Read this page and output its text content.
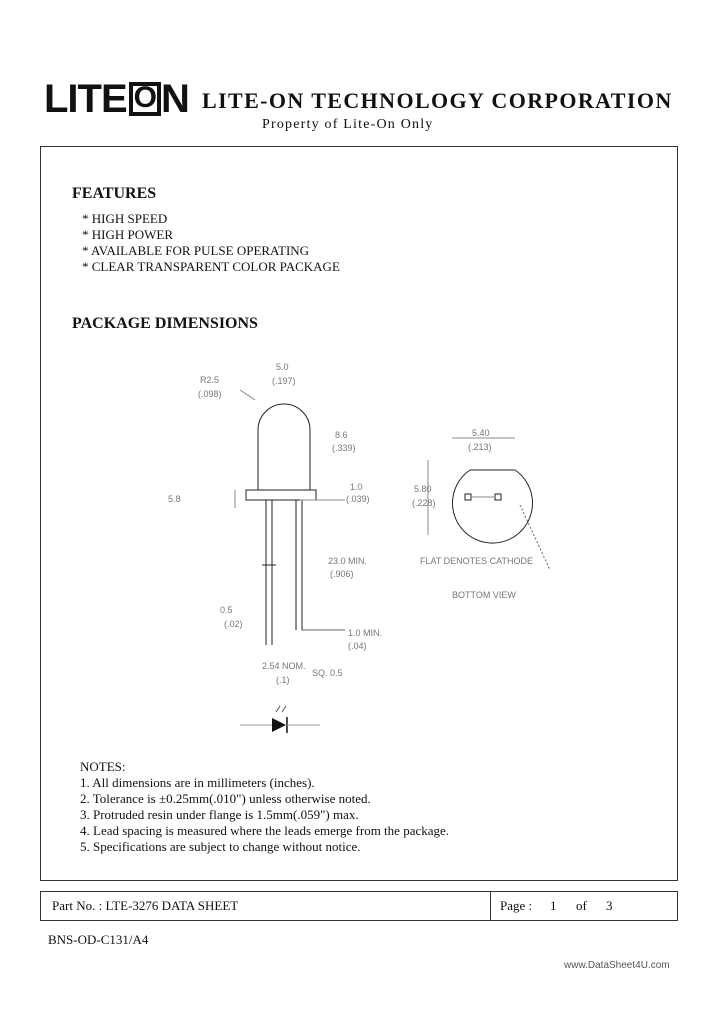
LITE O N LITE-ON TECHNOLOGY CORPORATION
Property of Lite-On Only
FEATURES
* HIGH SPEED
* HIGH POWER
* AVAILABLE FOR PULSE OPERATING
* CLEAR TRANSPARENT COLOR PACKAGE
PACKAGE DIMENSIONS
5.0
(.197)
R2.5
(.098)
8.6
(.339)
1.0
(.039)
5.8
23.0 MIN.
(.906)
0.5
(.02)
1.0 MIN.
(.04)
2.54 NOM.
(.1)
SQ. 0.5
5.40
(.213)
5.80
(.228)
FLAT DENOTES CATHODE
BOTTOM VIEW
NOTES:
1. All dimensions are in millimeters (inches).
2. Tolerance is ±0.25mm(.010") unless otherwise noted.
3. Protruded resin under flange is 1.5mm(.059") max.
4. Lead spacing is measured where the leads emerge from the package.
5. Specifications are subject to change without notice.
Part No. : LTE-3276 DATA SHEET	Page : 1 of 3
BNS-OD-C131/A4
www.DataSheet4U.com
